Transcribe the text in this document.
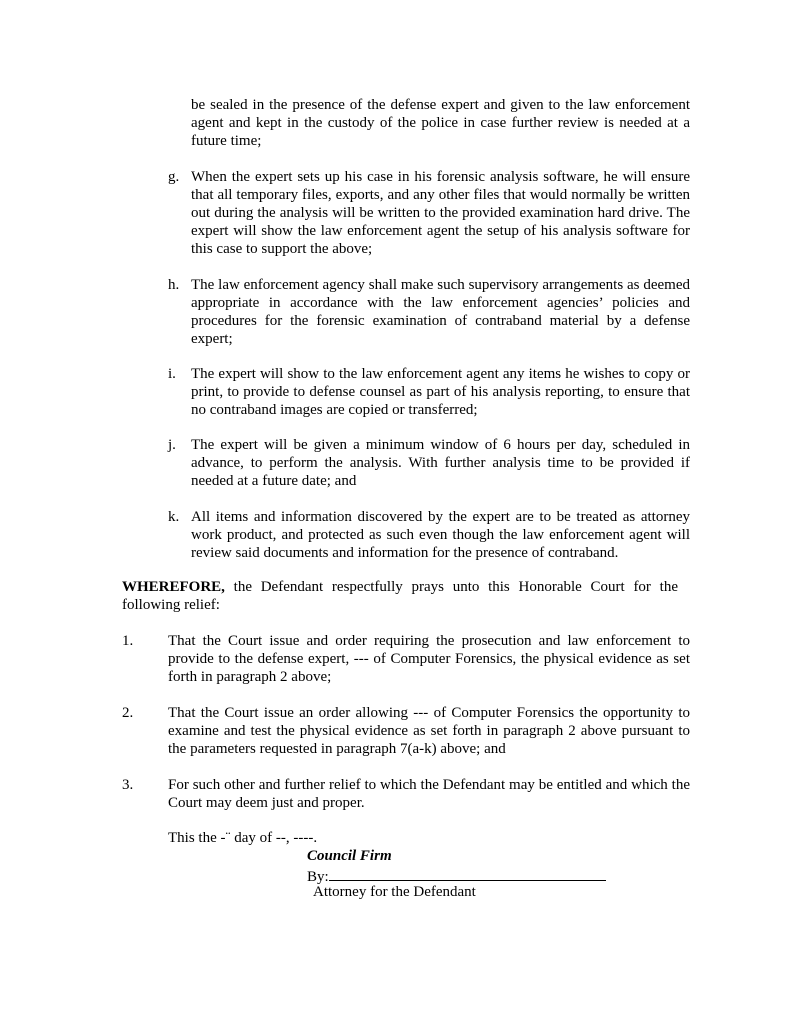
be sealed in the presence of the defense expert and given to the law enforcement agent and kept in the custody of the police in case further review is needed at a future time;

g. When the expert sets up his case in his forensic analysis software, he will ensure that all temporary files, exports, and any other files that would normally be written out during the analysis will be written to the provided examination hard drive. The expert will show the law enforcement agent the setup of his analysis software for this case to support the above;
h. The law enforcement agency shall make such supervisory arrangements as deemed appropriate in accordance with the law enforcement agencies’ policies and procedures for the forensic examination of contraband material by a defense expert;
i. The expert will show to the law enforcement agent any items he wishes to copy or print, to provide to defense counsel as part of his analysis reporting, to ensure that no contraband images are copied or transferred;
j. The expert will be given a minimum window of 6 hours per day, scheduled in advance, to perform the analysis. With further analysis time to be provided if needed at a future date; and
k. All items and information discovered by the expert are to be treated as attorney work product, and protected as such even though the law enforcement agent will review said documents and information for the presence of contraband.

WHEREFORE, the Defendant respectfully prays unto this Honorable Court for the following relief:

1. That the Court issue and order requiring the prosecution and law enforcement to provide to the defense expert, --- of Computer Forensics, the physical evidence as set forth in paragraph 2 above;
2. That the Court issue an order allowing --- of Computer Forensics the opportunity to examine and test the physical evidence as set forth in paragraph 2 above pursuant to the parameters requested in paragraph 7(a-k) above; and
3. For such other and further relief to which the Defendant may be entitled and which the Court may deem just and proper.
This the -¨ day of --, ----.
Council Firm
By:
Attorney for the Defendant
